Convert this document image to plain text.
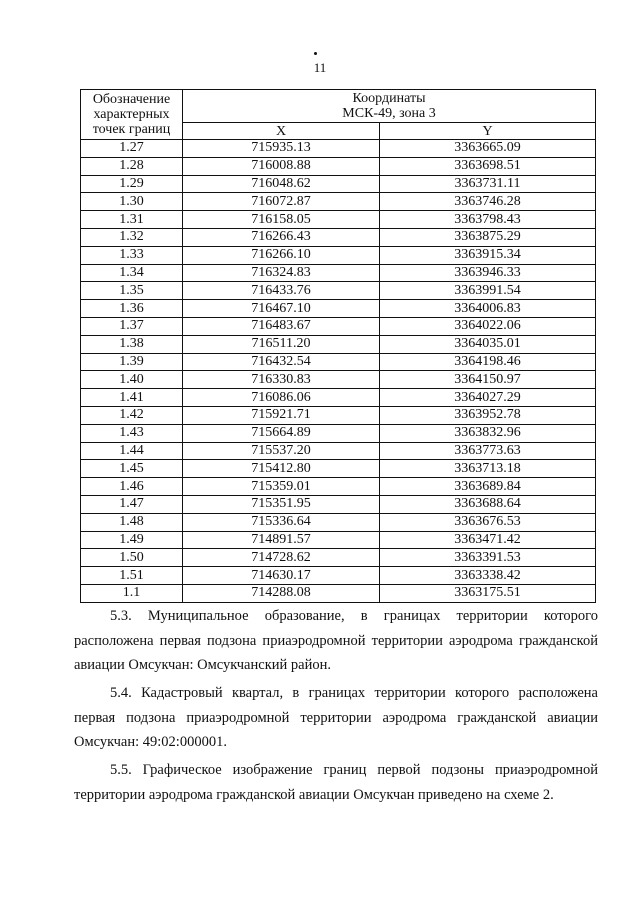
11
Обозначение характерных точек границ	Координаты
МСК-49, зона 3	

	X	Y
1.27	715935.13	3363665.09
1.28	716008.88	3363698.51
1.29	716048.62	3363731.11
1.30	716072.87	3363746.28
1.31	716158.05	3363798.43
1.32	716266.43	3363875.29
1.33	716266.10	3363915.34
1.34	716324.83	3363946.33
1.35	716433.76	3363991.54
1.36	716467.10	3364006.83
1.37	716483.67	3364022.06
1.38	716511.20	3364035.01
1.39	716432.54	3364198.46
1.40	716330.83	3364150.97
1.41	716086.06	3364027.29
1.42	715921.71	3363952.78
1.43	715664.89	3363832.96
1.44	715537.20	3363773.63
1.45	715412.80	3363713.18
1.46	715359.01	3363689.84
1.47	715351.95	3363688.64
1.48	715336.64	3363676.53
1.49	714891.57	3363471.42
1.50	714728.62	3363391.53
1.51	714630.17	3363338.42
1.1	714288.08	3363175.51
5.3. Муниципальное образование, в границах территории которого расположена первая подзона приаэродромной территории аэродрома гражданской авиации Омсукчан: Омсукчанский район.
5.4. Кадастровый квартал, в границах территории которого расположена первая подзона приаэродромной территории аэродрома гражданской авиации Омсукчан: 49:02:000001.
5.5. Графическое изображение границ первой подзоны приаэродромной территории аэродрома гражданской авиации Омсукчан приведено на схеме 2.
